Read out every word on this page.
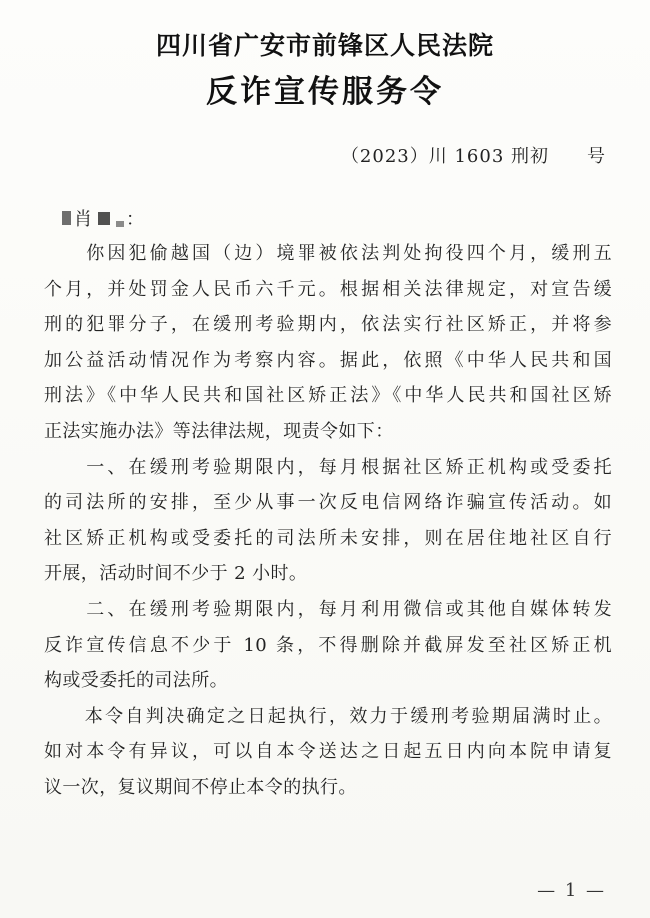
四川省广安市前锋区人民法院
反诈宣传服务令
（2023）川 1603 刑初　　号
肖 ：

　　你因犯偷越国（边）境罪被依法判处拘役四个月，缓刑五
个月，并处罚金人民币六千元。根据相关法律规定，对宣告缓
刑的犯罪分子，在缓刑考验期内，依法实行社区矫正，并将参
加公益活动情况作为考察内容。据此，依照《中华人民共和国
刑法》《中华人民共和国社区矫正法》《中华人民共和国社区矫
正法实施办法》等法律法规，现责令如下：

　　一、在缓刑考验期限内，每月根据社区矫正机构或受委托
的司法所的安排，至少从事一次反电信网络诈骗宣传活动。如
社区矫正机构或受委托的司法所未安排，则在居住地社区自行
开展，活动时间不少于 2 小时。

　　二、在缓刑考验期限内，每月利用微信或其他自媒体转发
反诈宣传信息不少于 10 条，不得删除并截屏发至社区矫正机
构或受委托的司法所。

　　本令自判决确定之日起执行，效力于缓刑考验期届满时止。
如对本令有异议，可以自本令送达之日起五日内向本院申请复
议一次，复议期间不停止本令的执行。

— 1 —
